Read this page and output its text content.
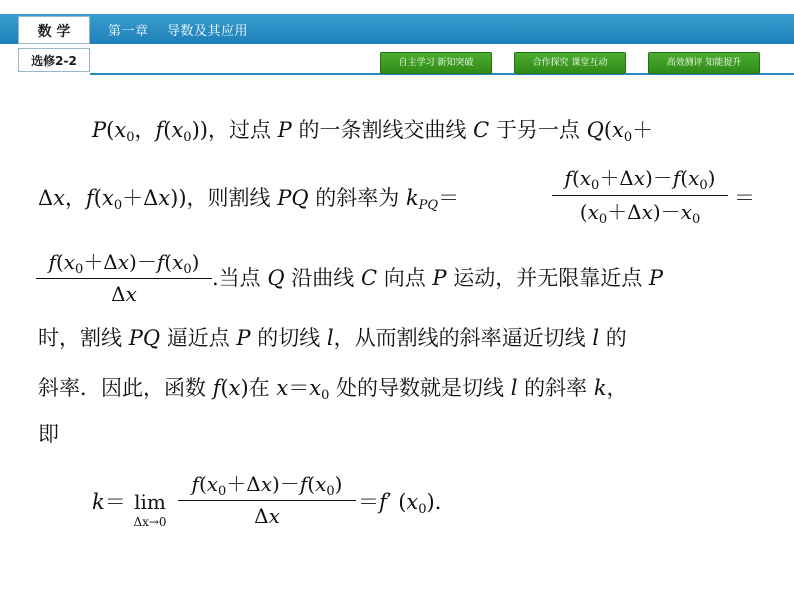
数 学	第一章    导数及其应用
选修2-2	自主学习 新知突破	合作探究 课堂互动	高效测评 知能提升
$P(x_0$，$f(x_0)$)，过点 P 的一条割线交曲线 C 于另一点 $Q(x_0+$
Δx，$f(x_0+\Delta x)$)，则割线 PQ 的斜率为 $k_{PQ}=$
$f(x_0+\Delta x)-f(x_0)$
$(x_0+\Delta x)-x_0$
＝
$f(x_0+\Delta x)-f(x_0)$
Δx
.当点 Q 沿曲线 C 向点 P 运动，并无限靠近点 P
时，割线 PQ 逼近点 P 的切线 l，从而割线的斜率逼近切线 l 的
斜率．因此，函数 f(x)在 $x=x_0$ 处的导数就是切线 l 的斜率 k，
即
k＝ lim
Δx→0
$f(x_0+\Delta x)-f(x_0)$
Δx
＝f′ $(x_0)$．
